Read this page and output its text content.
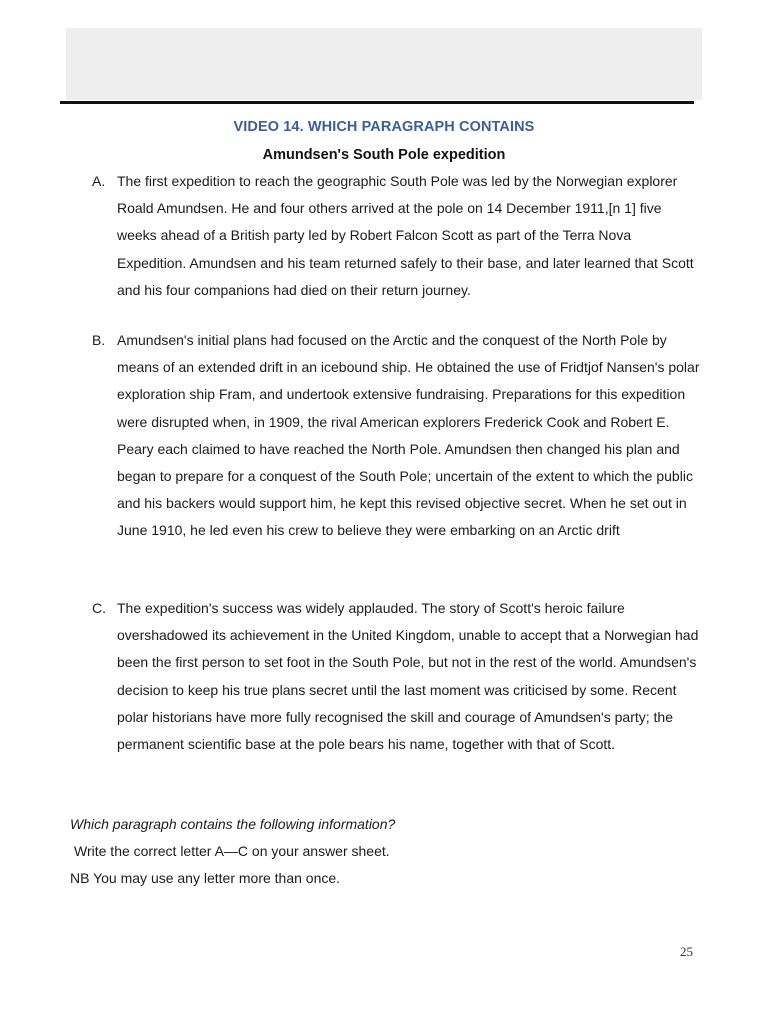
VIDEO 14. WHICH PARAGRAPH CONTAINS
Amundsen's South Pole expedition
A. The first expedition to reach the geographic South Pole was led by the Norwegian explorer Roald Amundsen. He and four others arrived at the pole on 14 December 1911,[n 1] five weeks ahead of a British party led by Robert Falcon Scott as part of the Terra Nova Expedition. Amundsen and his team returned safely to their base, and later learned that Scott and his four companions had died on their return journey.
B. Amundsen's initial plans had focused on the Arctic and the conquest of the North Pole by means of an extended drift in an icebound ship. He obtained the use of Fridtjof Nansen's polar exploration ship Fram, and undertook extensive fundraising. Preparations for this expedition were disrupted when, in 1909, the rival American explorers Frederick Cook and Robert E. Peary each claimed to have reached the North Pole. Amundsen then changed his plan and began to prepare for a conquest of the South Pole; uncertain of the extent to which the public and his backers would support him, he kept this revised objective secret. When he set out in June 1910, he led even his crew to believe they were embarking on an Arctic drift
C. The expedition's success was widely applauded. The story of Scott's heroic failure overshadowed its achievement in the United Kingdom, unable to accept that a Norwegian had been the first person to set foot in the South Pole, but not in the rest of the world. Amundsen's decision to keep his true plans secret until the last moment was criticised by some. Recent polar historians have more fully recognised the skill and courage of Amundsen's party; the permanent scientific base at the pole bears his name, together with that of Scott.
Which paragraph contains the following information?
Write the correct letter A—C on your answer sheet.
NB You may use any letter more than once.
25
